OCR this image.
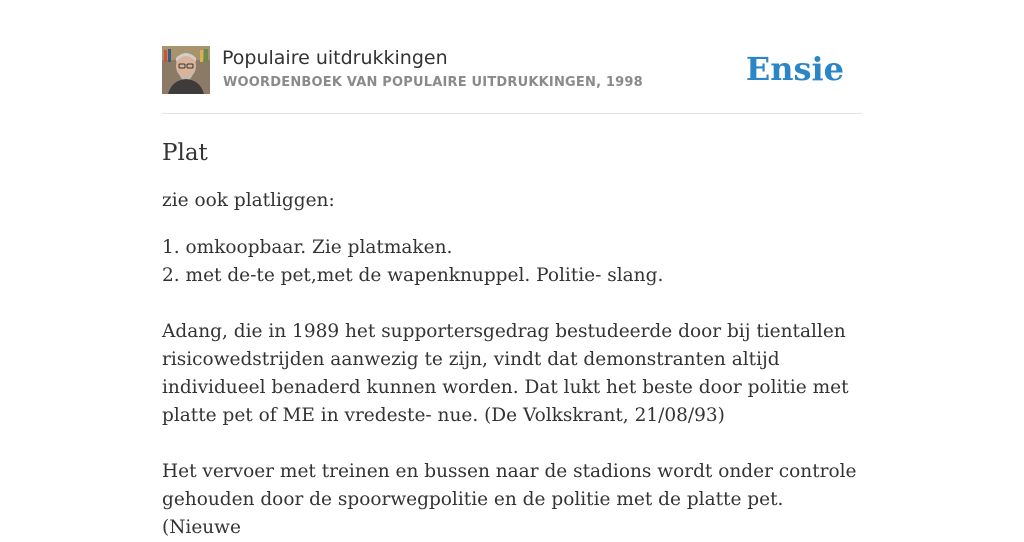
Populaire uitdrukkingen
WOORDENBOEK VAN POPULAIRE UITDRUKKINGEN, 1998	Ensie
Plat

zie ook platliggen:

1. omkoopbaar. Zie platmaken.
2. met de-te pet,met de wapenknuppel. Politie- slang.

Adang, die in 1989 het supportersgedrag bestudeerde door bij tientallen risicowedstrijden aanwezig te zijn, vindt dat demonstranten altijd individueel benaderd kunnen worden. Dat lukt het beste door politie met platte pet of ME in vredeste- nue. (De Volkskrant, 21/08/93)

Het vervoer met treinen en bussen naar de stadions wordt onder controle gehouden door de spoorwegpolitie en de politie met de platte pet. (Nieuwe
